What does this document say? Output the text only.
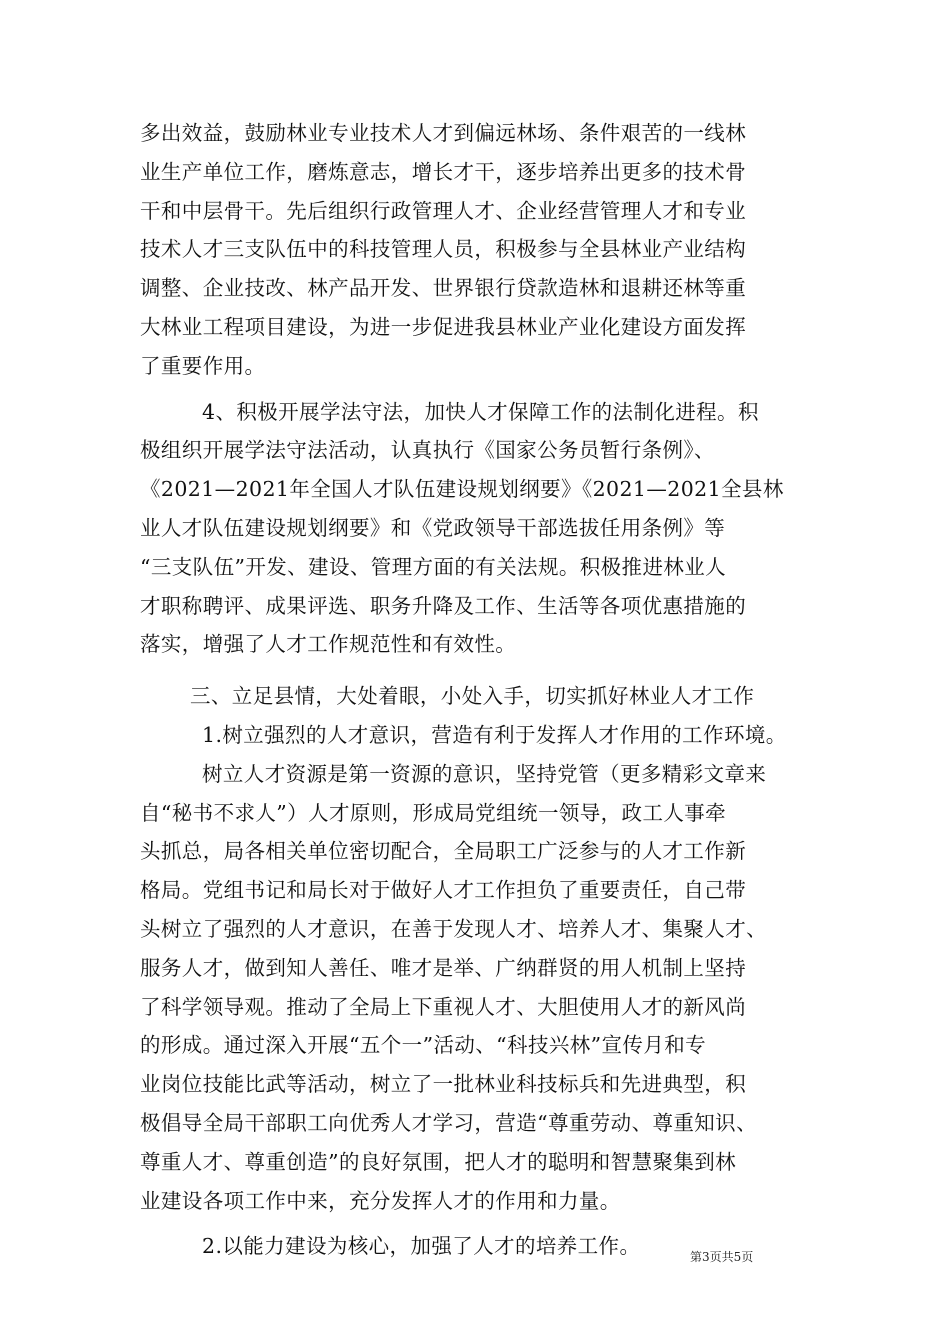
多出效益，鼓励林业专业技术人才到偏远林场、条件艰苦的一线林
业生产单位工作，磨炼意志，增长才干，逐步培养出更多的技术骨
干和中层骨干。先后组织行政管理人才、企业经营管理人才和专业
技术人才三支队伍中的科技管理人员，积极参与全县林业产业结构
调整、企业技改、林产品开发、世界银行贷款造林和退耕还林等重
大林业工程项目建设，为进一步促进我县林业产业化建设方面发挥
了重要作用。
4、积极开展学法守法，加快人才保障工作的法制化进程。积
极组织开展学法守法活动，认真执行《国家公务员暂行条例》、
《2021—2021年全国人才队伍建设规划纲要》《2021—2021全县林
业人才队伍建设规划纲要》和《党政领导干部选拔任用条例》等
“三支队伍”开发、建设、管理方面的有关法规。积极推进林业人
才职称聘评、成果评选、职务升降及工作、生活等各项优惠措施的
落实，增强了人才工作规范性和有效性。
三、立足县情，大处着眼，小处入手，切实抓好林业人才工作
1.树立强烈的人才意识，营造有利于发挥人才作用的工作环境。
树立人才资源是第一资源的意识，坚持党管（更多精彩文章来
自“秘书不求人”）人才原则，形成局党组统一领导，政工人事牵
头抓总，局各相关单位密切配合，全局职工广泛参与的人才工作新
格局。党组书记和局长对于做好人才工作担负了重要责任，自己带
头树立了强烈的人才意识，在善于发现人才、培养人才、集聚人才、
服务人才，做到知人善任、唯才是举、广纳群贤的用人机制上坚持
了科学领导观。推动了全局上下重视人才、大胆使用人才的新风尚
的形成。通过深入开展“五个一”活动、“科技兴林”宣传月和专
业岗位技能比武等活动，树立了一批林业科技标兵和先进典型，积
极倡导全局干部职工向优秀人才学习，营造“尊重劳动、尊重知识、
尊重人才、尊重创造”的良好氛围，把人才的聪明和智慧聚集到林
业建设各项工作中来，充分发挥人才的作用和力量。
2.以能力建设为核心，加强了人才的培养工作。	第3页共5页
